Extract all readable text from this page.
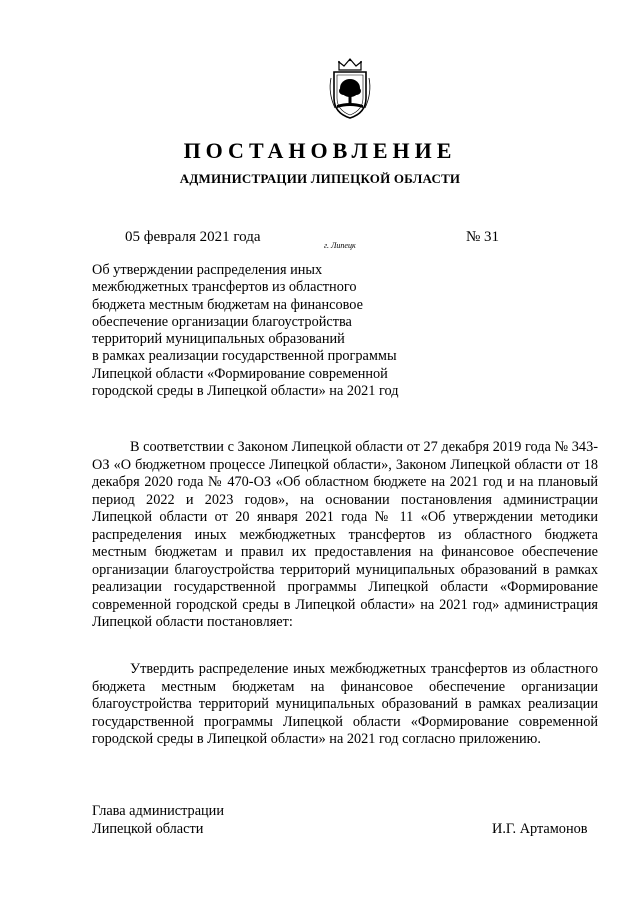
ПОСТАНОВЛЕНИЕ
АДМИНИСТРАЦИИ ЛИПЕЦКОЙ ОБЛАСТИ
05 февраля 2021 года
г. Липецк
№ 31
Об утверждении распределения иных
межбюджетных трансфертов из областного
бюджета местным бюджетам на финансовое
обеспечение организации благоустройства
территорий муниципальных образований
в рамках реализации государственной программы
Липецкой области «Формирование современной
городской среды в Липецкой области» на 2021 год

В соответствии с Законом Липецкой области от 27 декабря 2019 года № 343-ОЗ «О бюджетном процессе Липецкой области», Законом Липецкой области от 18 декабря 2020 года № 470-ОЗ «Об областном бюджете на 2021 год и на плановый период 2022 и 2023 годов», на основании постановления администрации Липецкой области от 20 января 2021 года № 11 «Об утверждении методики распределения иных межбюджетных трансфертов из областного бюджета местным бюджетам и правил их предоставления на финансовое обеспечение организации благоустройства территорий муниципальных образований в рамках реализации государственной программы Липецкой области «Формирование современной городской среды в Липецкой области» на 2021 год» администрация Липецкой области постановляет:

Утвердить распределение иных межбюджетных трансфертов из областного бюджета местным бюджетам на финансовое обеспечение организации благоустройства территорий муниципальных образований в рамках реализации государственной программы Липецкой области «Формирование современной городской среды в Липецкой области» на 2021 год согласно приложению.

Глава администрации
Липецкой области	И.Г. Артамонов
